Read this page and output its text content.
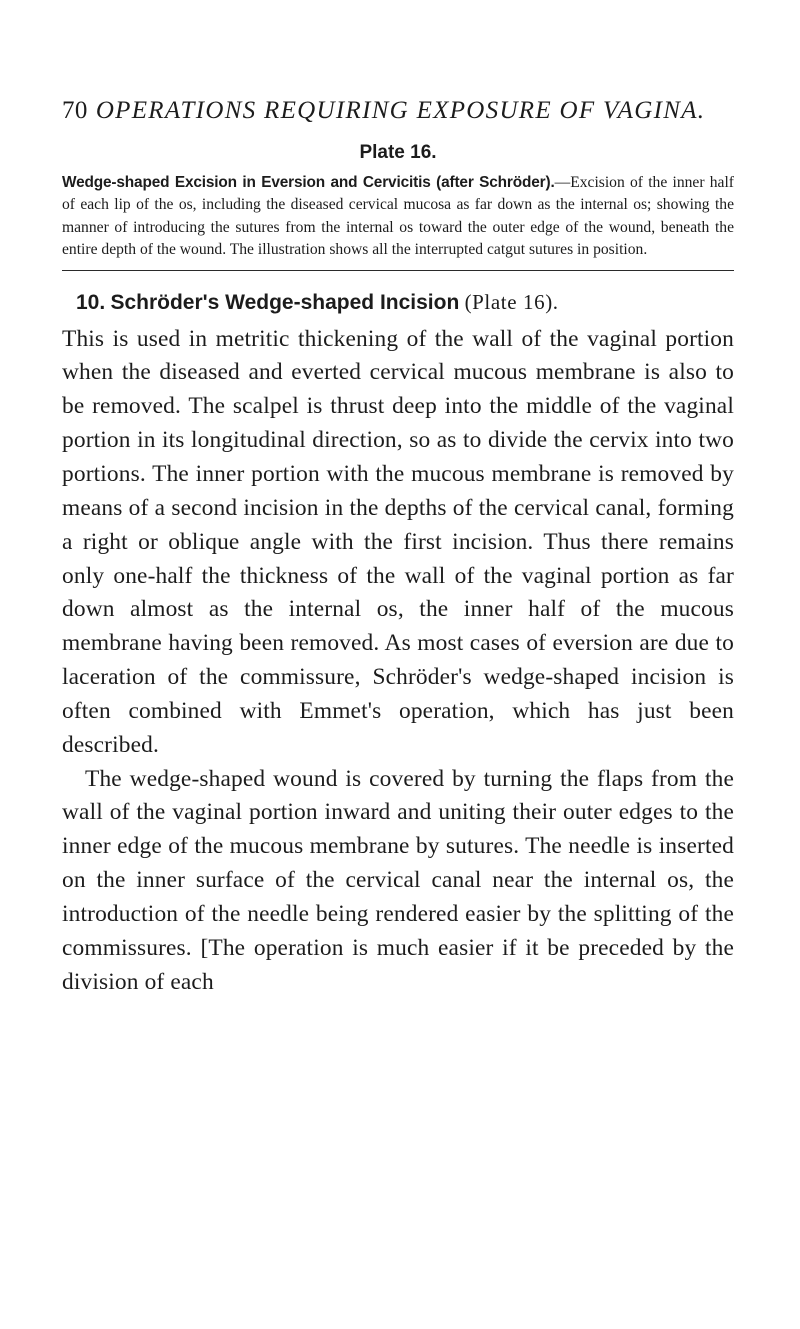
70 OPERATIONS REQUIRING EXPOSURE OF VAGINA.
Plate 16.
Wedge-shaped Excision in Eversion and Cervicitis (after Schröder).—Excision of the inner half of each lip of the os, including the diseased cervical mucosa as far down as the internal os; showing the manner of introducing the sutures from the internal os toward the outer edge of the wound, beneath the entire depth of the wound. The illustration shows all the interrupted catgut sutures in position.
10. Schröder's Wedge-shaped Incision (Plate 16).

This is used in metritic thickening of the wall of the vaginal portion when the diseased and everted cervical mucous membrane is also to be removed. The scalpel is thrust deep into the middle of the vaginal portion in its longitudinal direction, so as to divide the cervix into two portions. The inner portion with the mucous membrane is removed by means of a second incision in the depths of the cervical canal, forming a right or oblique angle with the first incision. Thus there remains only one-half the thickness of the wall of the vaginal portion as far down almost as the internal os, the inner half of the mucous membrane having been removed. As most cases of eversion are due to laceration of the commissure, Schröder's wedge-shaped incision is often combined with Emmet's operation, which has just been described.

The wedge-shaped wound is covered by turning the flaps from the wall of the vaginal portion inward and uniting their outer edges to the inner edge of the mucous membrane by sutures. The needle is inserted on the inner surface of the cervical canal near the internal os, the introduction of the needle being rendered easier by the splitting of the commissures. [The operation is much easier if it be preceded by the division of each
